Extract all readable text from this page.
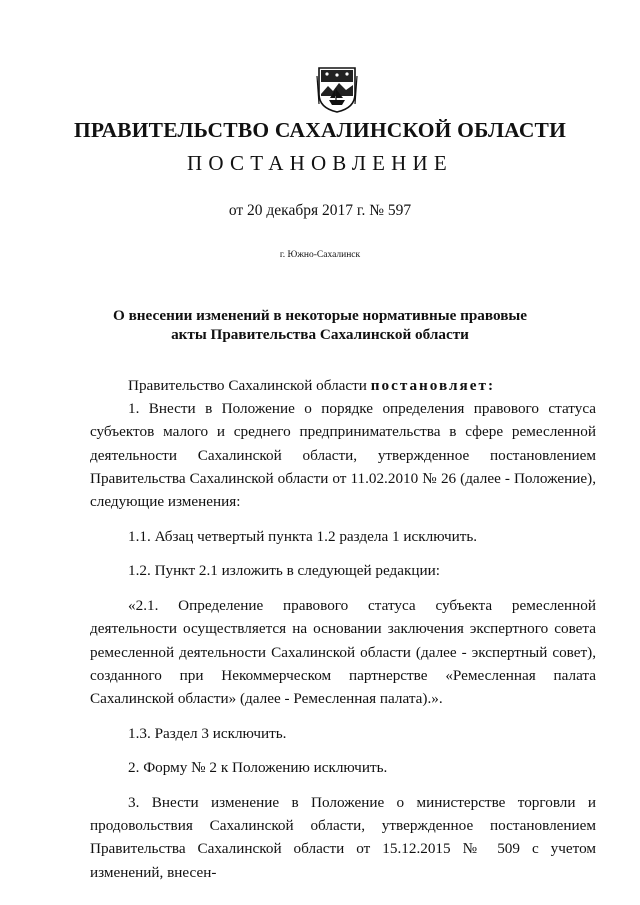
ПРАВИТЕЛЬСТВО САХАЛИНСКОЙ ОБЛАСТИ
ПОСТАНОВЛЕНИЕ
от 20 декабря 2017 г. № 597
г. Южно-Сахалинск
О внесении изменений в некоторые нормативные правовые
акты Правительства Сахалинской области

Правительство Сахалинской области постановляет:

1. Внести в Положение о порядке определения правового статуса субъектов малого и среднего предпринимательства в сфере ремесленной деятельности Сахалинской области, утвержденное постановлением Правительства Сахалинской области от 11.02.2010 № 26 (далее - Положение), следующие изменения:

1.1. Абзац четвертый пункта 1.2 раздела 1 исключить.

1.2. Пункт 2.1 изложить в следующей редакции:

«2.1. Определение правового статуса субъекта ремесленной деятельности осуществляется на основании заключения экспертного совета ремесленной деятельности Сахалинской области (далее - экспертный совет), созданного при Некоммерческом партнерстве «Ремесленная палата Сахалинской области» (далее - Ремесленная палата).».

1.3. Раздел 3 исключить.

2. Форму № 2 к Положению исключить.

3. Внести изменение в Положение о министерстве торговли и продовольствия Сахалинской области, утвержденное постановлением Правительства Сахалинской области от 15.12.2015 № 509 с учетом изменений, внесен-
